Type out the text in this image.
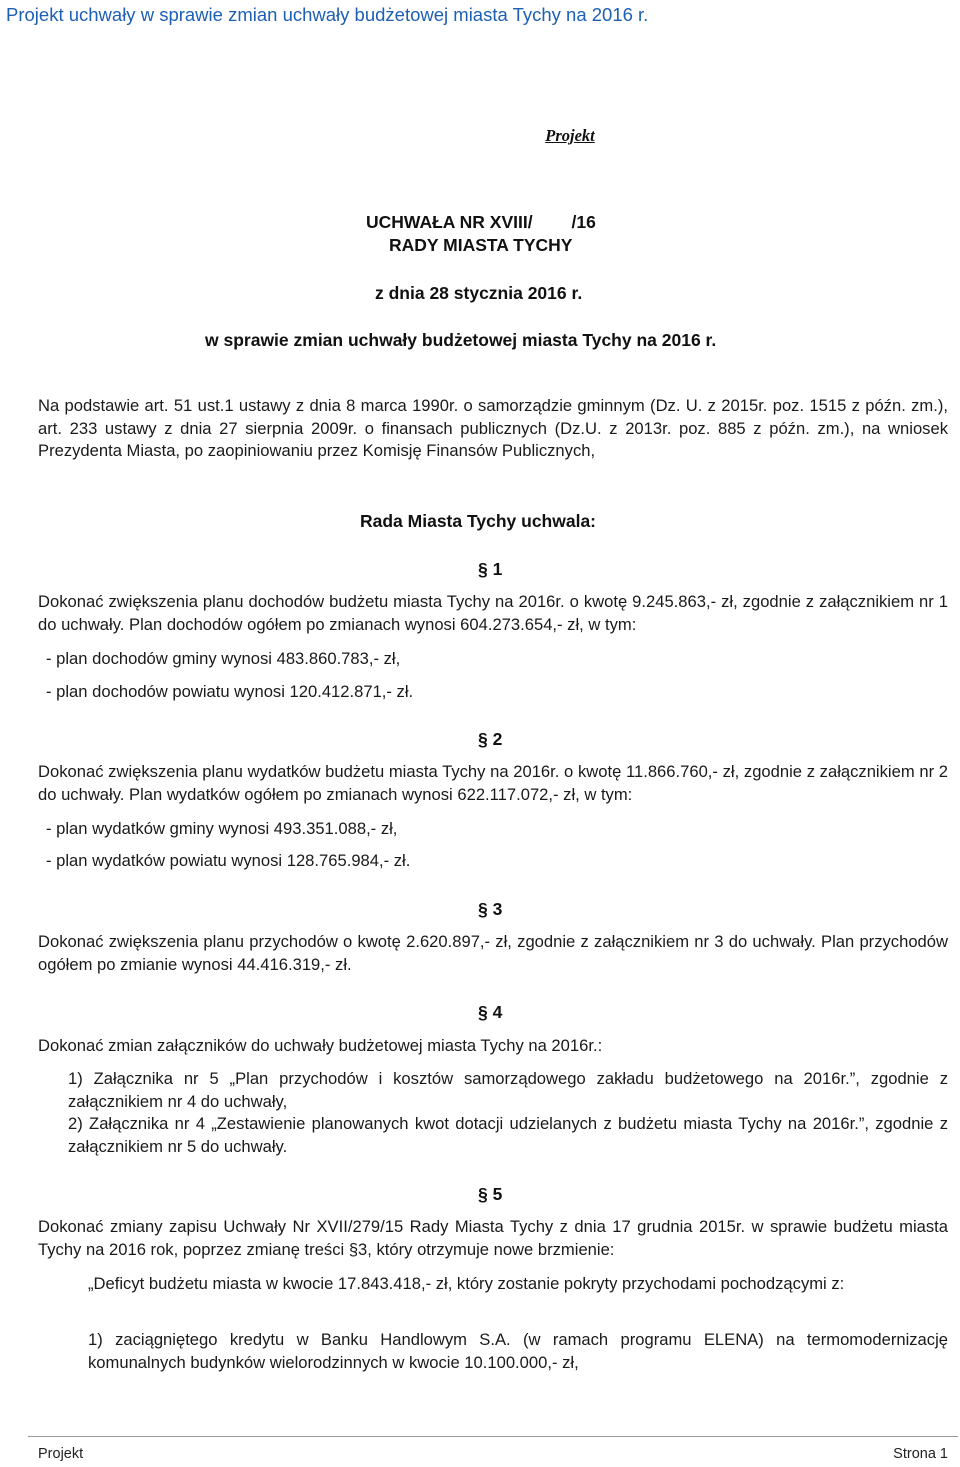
Projekt uchwały w sprawie zmian uchwały budżetowej miasta Tychy na 2016 r.
Projekt
UCHWAŁA NR XVIII/        /16
RADY MIASTA TYCHY
z dnia 28 stycznia 2016 r.
w sprawie zmian uchwały budżetowej miasta Tychy na 2016 r.
Na podstawie art. 51 ust.1 ustawy z dnia 8 marca 1990r. o samorządzie gminnym (Dz. U. z 2015r. poz. 1515 z późn. zm.), art. 233 ustawy z dnia 27 sierpnia 2009r. o finansach publicznych (Dz.U. z 2013r. poz. 885 z późn. zm.), na wniosek Prezydenta Miasta, po zaopiniowaniu przez Komisję Finansów Publicznych,
Rada Miasta Tychy uchwala:
§ 1
Dokonać zwiększenia planu dochodów budżetu miasta Tychy na 2016r. o kwotę 9.245.863,- zł, zgodnie z załącznikiem nr 1 do uchwały. Plan dochodów ogółem po zmianach wynosi 604.273.654,- zł, w tym:
- plan dochodów gminy wynosi 483.860.783,- zł,
- plan dochodów powiatu wynosi 120.412.871,- zł.
§ 2
Dokonać zwiększenia planu wydatków budżetu miasta Tychy na 2016r. o kwotę 11.866.760,- zł, zgodnie z załącznikiem nr 2 do uchwały. Plan wydatków ogółem po zmianach wynosi 622.117.072,- zł, w tym:
- plan wydatków gminy wynosi 493.351.088,- zł,
- plan wydatków powiatu wynosi 128.765.984,- zł.
§ 3
Dokonać zwiększenia planu przychodów o kwotę 2.620.897,- zł, zgodnie z załącznikiem nr 3 do uchwały. Plan przychodów ogółem po zmianie wynosi 44.416.319,- zł.
§ 4
Dokonać zmian załączników do uchwały budżetowej miasta Tychy na 2016r.:
1) Załącznika nr 5 „Plan przychodów i kosztów samorządowego zakładu budżetowego na 2016r.”, zgodnie z załącznikiem nr 4 do uchwały,
2) Załącznika nr 4 „Zestawienie planowanych kwot dotacji udzielanych z budżetu miasta Tychy na 2016r.”, zgodnie z załącznikiem nr 5 do uchwały.
§ 5
Dokonać zmiany zapisu Uchwały Nr XVII/279/15 Rady Miasta Tychy z dnia 17 grudnia 2015r. w sprawie budżetu miasta Tychy na 2016 rok, poprzez zmianę treści §3, który otrzymuje nowe brzmienie:
„Deficyt budżetu miasta w kwocie 17.843.418,- zł, który zostanie pokryty przychodami pochodzącymi z:
1) zaciągniętego kredytu w Banku Handlowym S.A. (w ramach programu ELENA) na termomodernizację komunalnych budynków wielorodzinnych w kwocie 10.100.000,- zł,
Projekt	Strona 1
